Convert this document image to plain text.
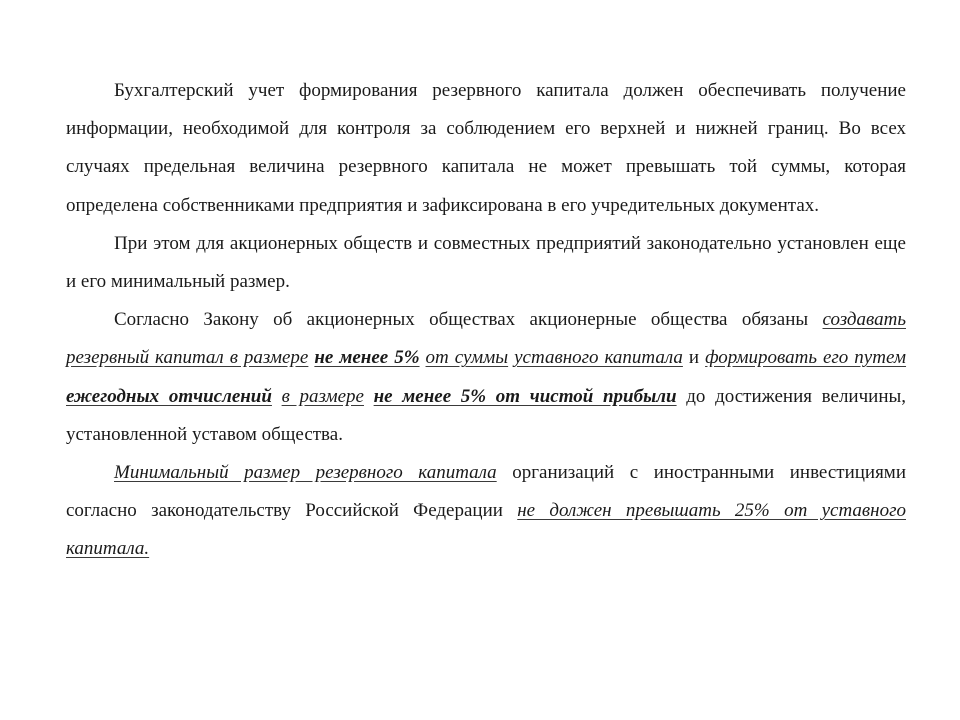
Бухгалтерский учет формирования резервного капитала должен обеспечивать получение информации, необходимой для контроля за соблюдением его верхней и нижней границ. Во всех случаях предельная величина резервного капитала не может превышать той суммы, которая определена собственниками предприятия и зафиксирована в его учредительных документах.

При этом для акционерных обществ и совместных предприятий законодательно установлен еще и его минимальный размер.

Согласно Закону об акционерных обществах акционерные общества обязаны создавать резервный капитал в размере не менее 5% от суммы уставного капитала и формировать его путем ежегодных отчислений в размере не менее 5% от чистой прибыли до достижения величины, установленной уставом общества.

Минимальный размер резервного капитала организаций с иностранными инвестициями согласно законодательству Российской Федерации не должен превышать 25% от уставного капитала.
